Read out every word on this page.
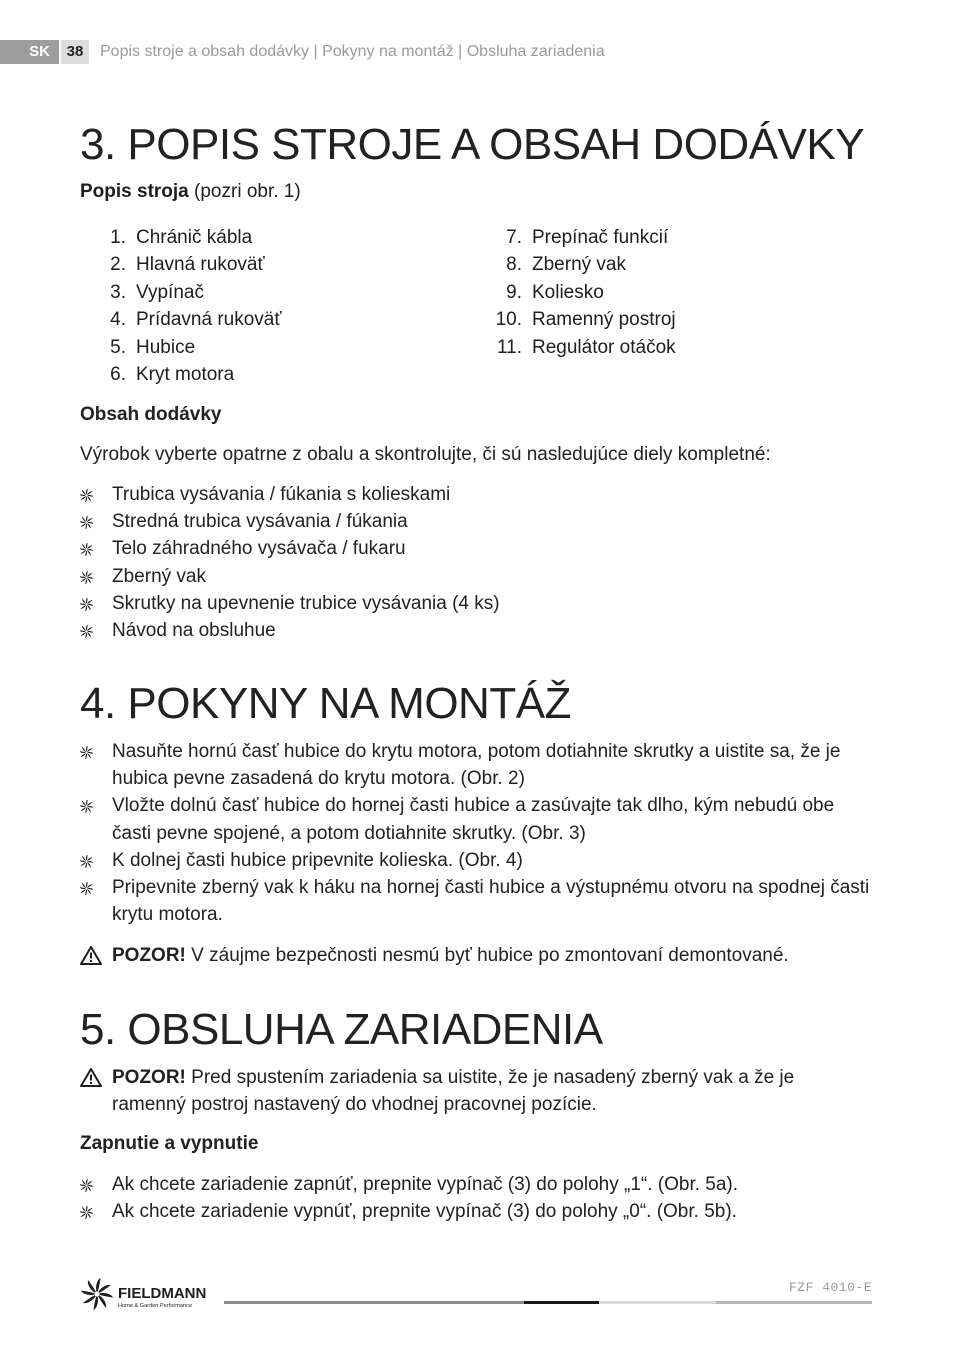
SK	38	Popis stroje a obsah dodávky | Pokyny na montáž | Obsluha zariadenia
3. POPIS STROJE A OBSAH DODÁVKY

Popis stroja (pozri obr. 1)

1. Chránič kábla
2. Hlavná rukoväť
3. Vypínač
4. Prídavná rukoväť
5. Hubice
6. Kryt motora
7. Prepínač funkcií
8. Zberný vak
9. Koliesko
10. Ramenný postroj
11. Regulátor otáčok
Obsah dodávky
Výrobok vyberte opatrne z obalu a skontrolujte, či sú nasledujúce diely kompletné:
Trubica vysávania / fúkania s kolieskami
Stredná trubica vysávania / fúkania
Telo záhradného vysávača / fukaru
Zberný vak
Skrutky na upevnenie trubice vysávania (4 ks)
Návod na obsluhue
4. POKYNY NA MONTÁŽ
Nasuňte hornú časť hubice do krytu motora, potom dotiahnite skrutky a uistite sa, že je hubica pevne zasadená do krytu motora. (Obr. 2)
Vložte dolnú časť hubice do hornej časti hubice a zasúvajte tak dlho, kým nebudú obe časti pevne spojené, a potom dotiahnite skrutky. (Obr. 3)
K dolnej časti hubice pripevnite kolieska. (Obr. 4)
Pripevnite zberný vak k háku na hornej časti hubice a výstupnému otvoru na spodnej časti krytu motora.
POZOR! V záujme bezpečnosti nesmú byť hubice po zmontovaní demontované.
5. OBSLUHA ZARIADENIA
POZOR! Pred spustením zariadenia sa uistite, že je nasadený zberný vak a že je ramenný postroj nastavený do vhodnej pracovnej pozície.
Zapnutie a vypnutie
Ak chcete zariadenie zapnúť, prepnite vypínač (3) do polohy „1“. (Obr. 5a).
Ak chcete zariadenie vypnúť, prepnite vypínač (3) do polohy „0“. (Obr. 5b).
FIELDMANN
Home & Garden Performance
FZF 4010-E
